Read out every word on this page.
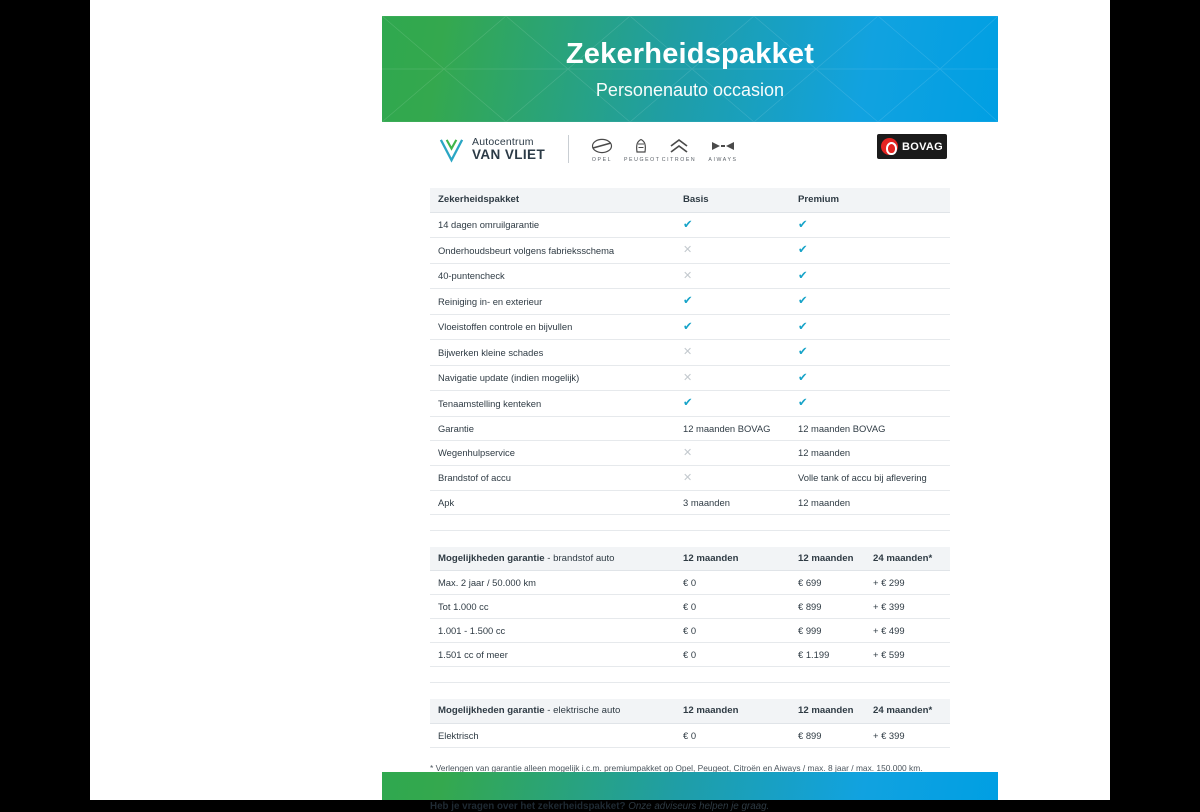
Zekerheidspakket
Personenauto occasion
Autocentrum
VAN VLIET	OPEL	PEUGEOT CITROEN	AIWAYS
BOVAG
Zekerheidspakket	Basis	Premium
14 dagen omruilgarantie	✔	✔
Onderhoudsbeurt volgens fabrieksschema	✕	✔
40-puntencheck	✕	✔
Reiniging in- en exterieur	✔	✔
Vloeistoffen controle en bijvullen	✔	✔
Bijwerken kleine schades	✕	✔
Navigatie update (indien mogelijk)	✕	✔
Tenaamstelling kenteken	✔	✔
Garantie	12 maanden BOVAG	12 maanden BOVAG
Wegenhulpservice	✕	12 maanden
Brandstof of accu	✕	Volle tank of accu bij aflevering
Apk	3 maanden	12 maanden

Mogelijkheden garantie - brandstof auto	12 maanden	12 maanden	24 maanden*
Max. 2 jaar / 50.000 km	€ 0	€ 699	+ € 299
Tot 1.000 cc	€ 0	€ 899	+ € 399
1.001 - 1.500 cc	€ 0	€ 999	+ € 499
1.501 cc of meer	€ 0	€ 1.199	+ € 599

Mogelijkheden garantie - elektrische auto	12 maanden	12 maanden	24 maanden*
Elektrisch	€ 0	€ 899	+ € 399
* Verlengen van garantie alleen mogelijk i.c.m. premiumpakket op Opel, Peugeot, Citroën en Aiways / max. 8 jaar / max. 150.000 km.
Heb je vragen over het zekerheidspakket? Onze adviseurs helpen je graag.
